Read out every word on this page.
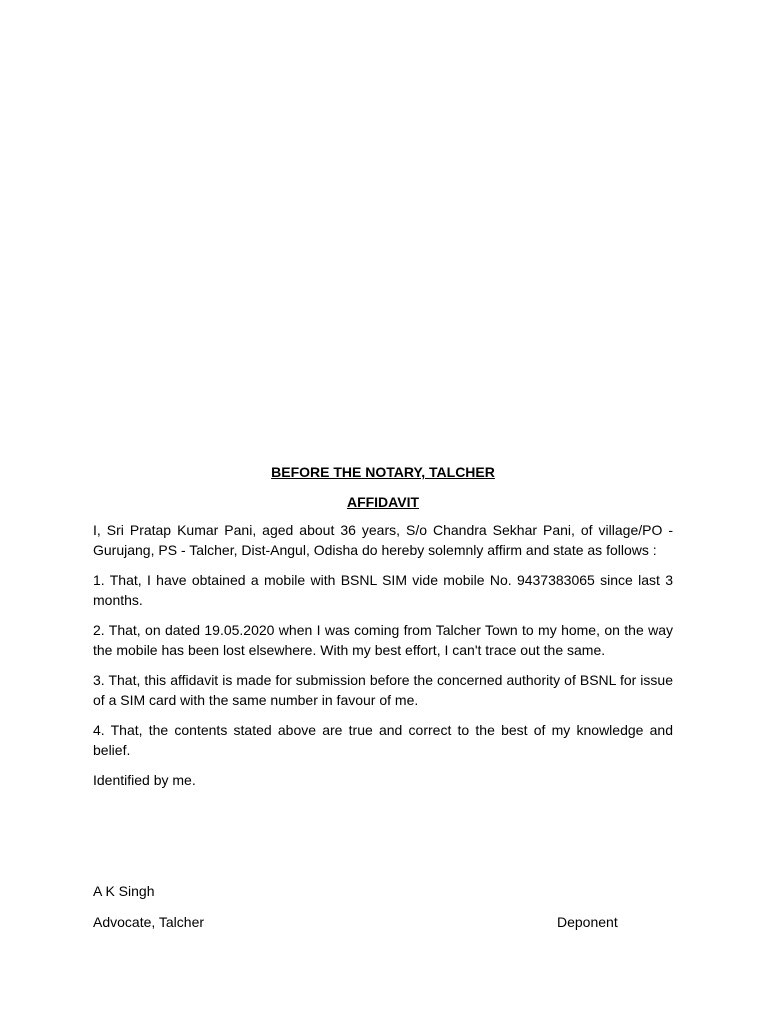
BEFORE THE NOTARY, TALCHER

AFFIDAVIT

I, Sri Pratap Kumar Pani, aged about 36 years, S/o Chandra Sekhar Pani, of village/PO - Gurujang, PS - Talcher, Dist-Angul, Odisha do hereby solemnly affirm and state as follows :

1. That, I have obtained a mobile with BSNL SIM vide mobile No. 9437383065 since last 3 months.

2. That, on dated 19.05.2020 when I was coming from Talcher Town to my home, on the way the mobile has been lost elsewhere. With my best effort, I can't trace out the same.

3. That, this affidavit is made for submission before the concerned authority of BSNL for issue of a SIM card with the same number in favour of me.

4. That, the contents stated above are true and correct to the best of my knowledge and belief.

Identified by me.

A K Singh

Advocate, Talcher	Deponent
